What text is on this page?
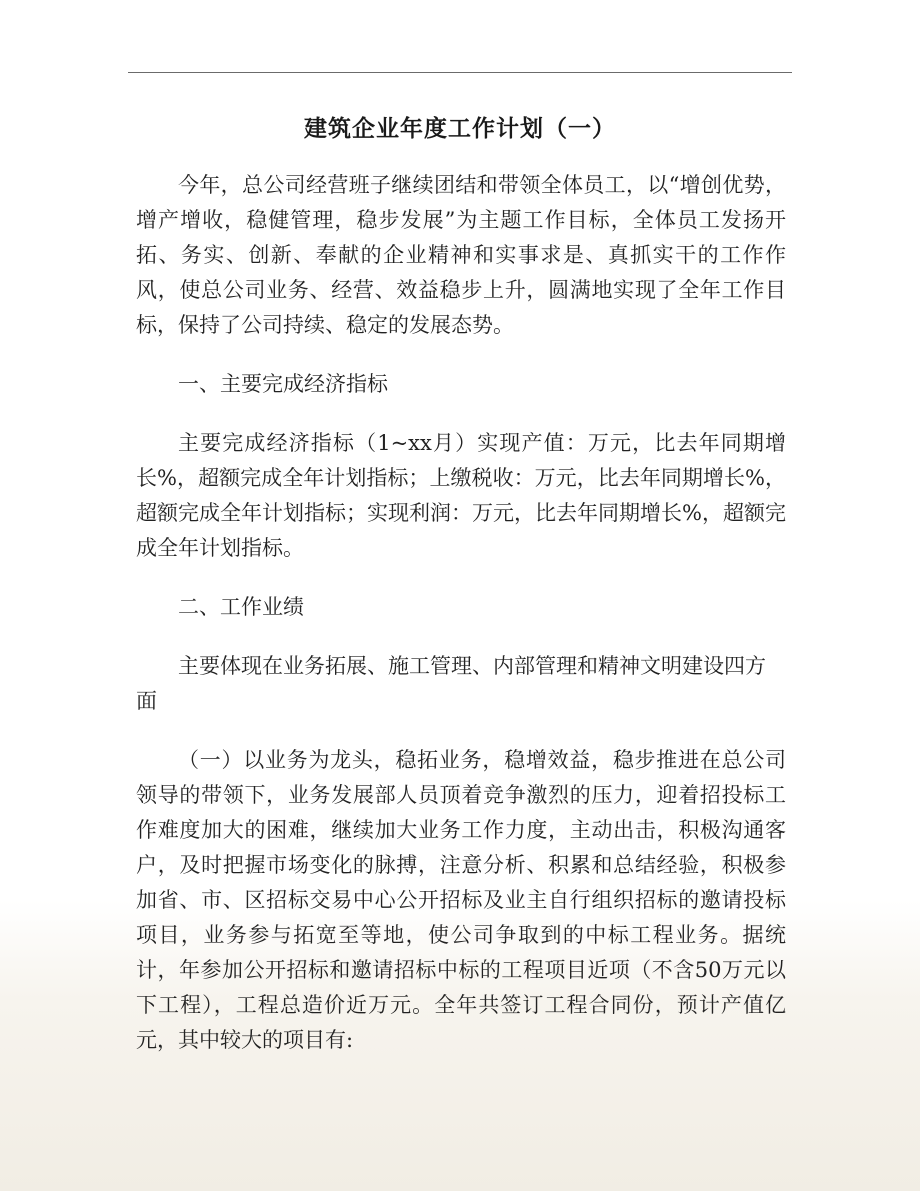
建筑企业年度工作计划（一）

今年，总公司经营班子继续团结和带领全体员工，以“增创优势，增产增收，稳健管理，稳步发展”为主题工作目标，全体员工发扬开拓、务实、创新、奉献的企业精神和实事求是、真抓实干的工作作风，使总公司业务、经营、效益稳步上升，圆满地实现了全年工作目标，保持了公司持续、稳定的发展态势。

一、主要完成经济指标

主要完成经济指标（1~xx月）实现产值：万元，比去年同期增长%，超额完成全年计划指标；上缴税收：万元，比去年同期增长%，超额完成全年计划指标；实现利润：万元，比去年同期增长%，超额完成全年计划指标。

二、工作业绩

主要体现在业务拓展、施工管理、内部管理和精神文明建设四方面

（一）以业务为龙头，稳拓业务，稳增效益，稳步推进在总公司领导的带领下，业务发展部人员顶着竞争激烈的压力，迎着招投标工作难度加大的困难，继续加大业务工作力度，主动出击，积极沟通客户，及时把握市场变化的脉搏，注意分析、积累和总结经验，积极参加省、市、区招标交易中心公开招标及业主自行组织招标的邀请投标项目，业务参与拓宽至等地，使公司争取到的中标工程业务。据统计，年参加公开招标和邀请招标中标的工程项目近项（不含50万元以下工程），工程总造价近万元。全年共签订工程合同份，预计产值亿元，其中较大的项目有:
